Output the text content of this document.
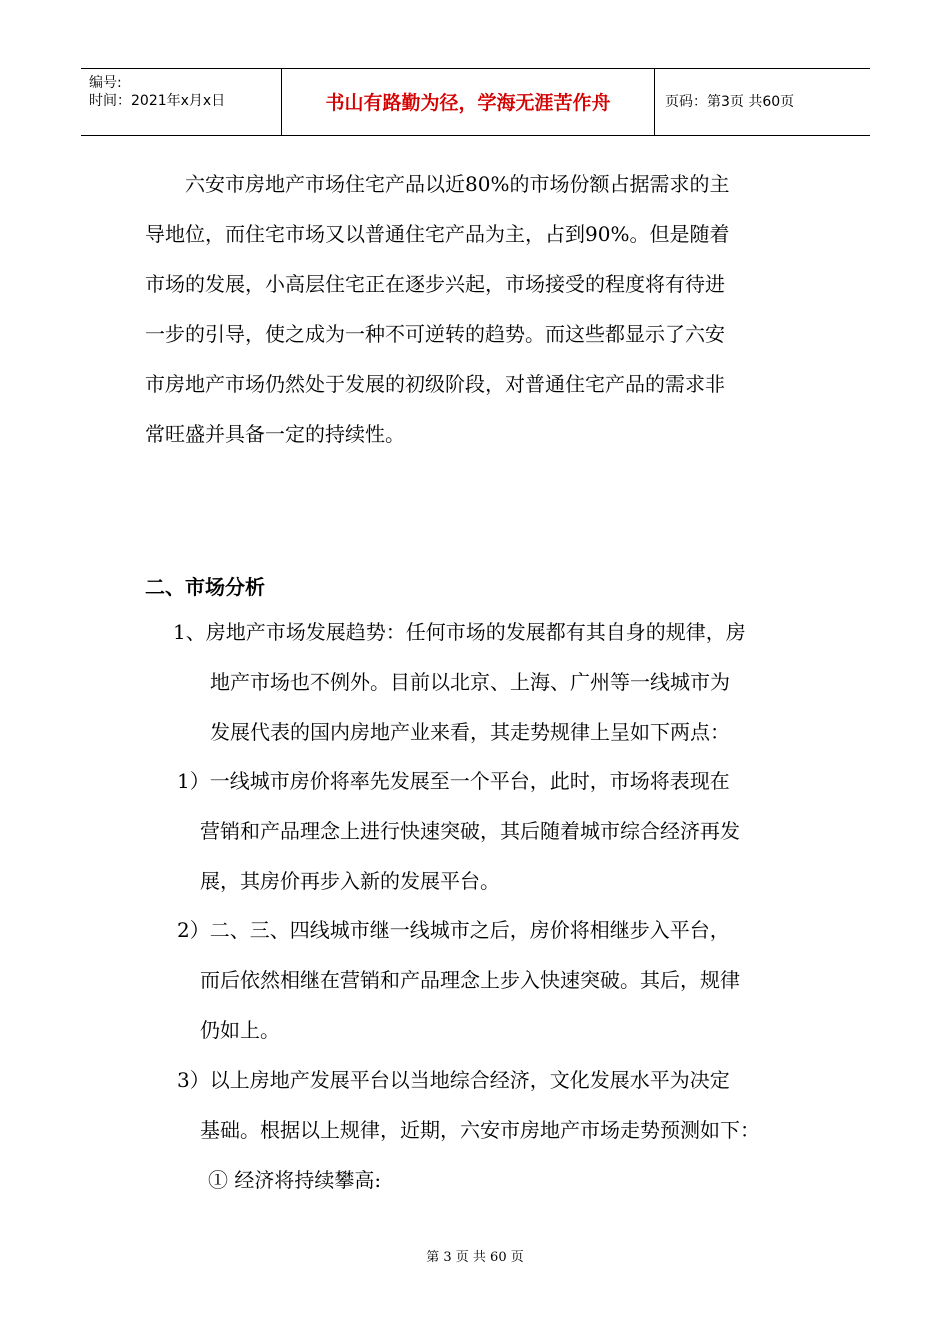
编号:
时间：2021年x月x日	书山有路勤为径，学海无涯苦作舟	页码：第3页 共60页
六安市房地产市场住宅产品以近80%的市场份额占据需求的主
导地位，而住宅市场又以普通住宅产品为主，占到90%。但是随着
市场的发展，小高层住宅正在逐步兴起，市场接受的程度将有待进
一步的引导，使之成为一种不可逆转的趋势。而这些都显示了六安
市房地产市场仍然处于发展的初级阶段，对普通住宅产品的需求非
常旺盛并具备一定的持续性。
二、市场分析
1、房地产市场发展趋势：任何市场的发展都有其自身的规律，房
地产市场也不例外。目前以北京、上海、广州等一线城市为
发展代表的国内房地产业来看，其走势规律上呈如下两点：
1）一线城市房价将率先发展至一个平台，此时，市场将表现在
营销和产品理念上进行快速突破，其后随着城市综合经济再发
展，其房价再步入新的发展平台。
2）二、三、四线城市继一线城市之后，房价将相继步入平台，
而后依然相继在营销和产品理念上步入快速突破。其后，规律
仍如上。
3）以上房地产发展平台以当地综合经济，文化发展水平为决定
基础。根据以上规律，近期，六安市房地产市场走势预测如下：
① 经济将持续攀高:
第 3 页 共 60 页
